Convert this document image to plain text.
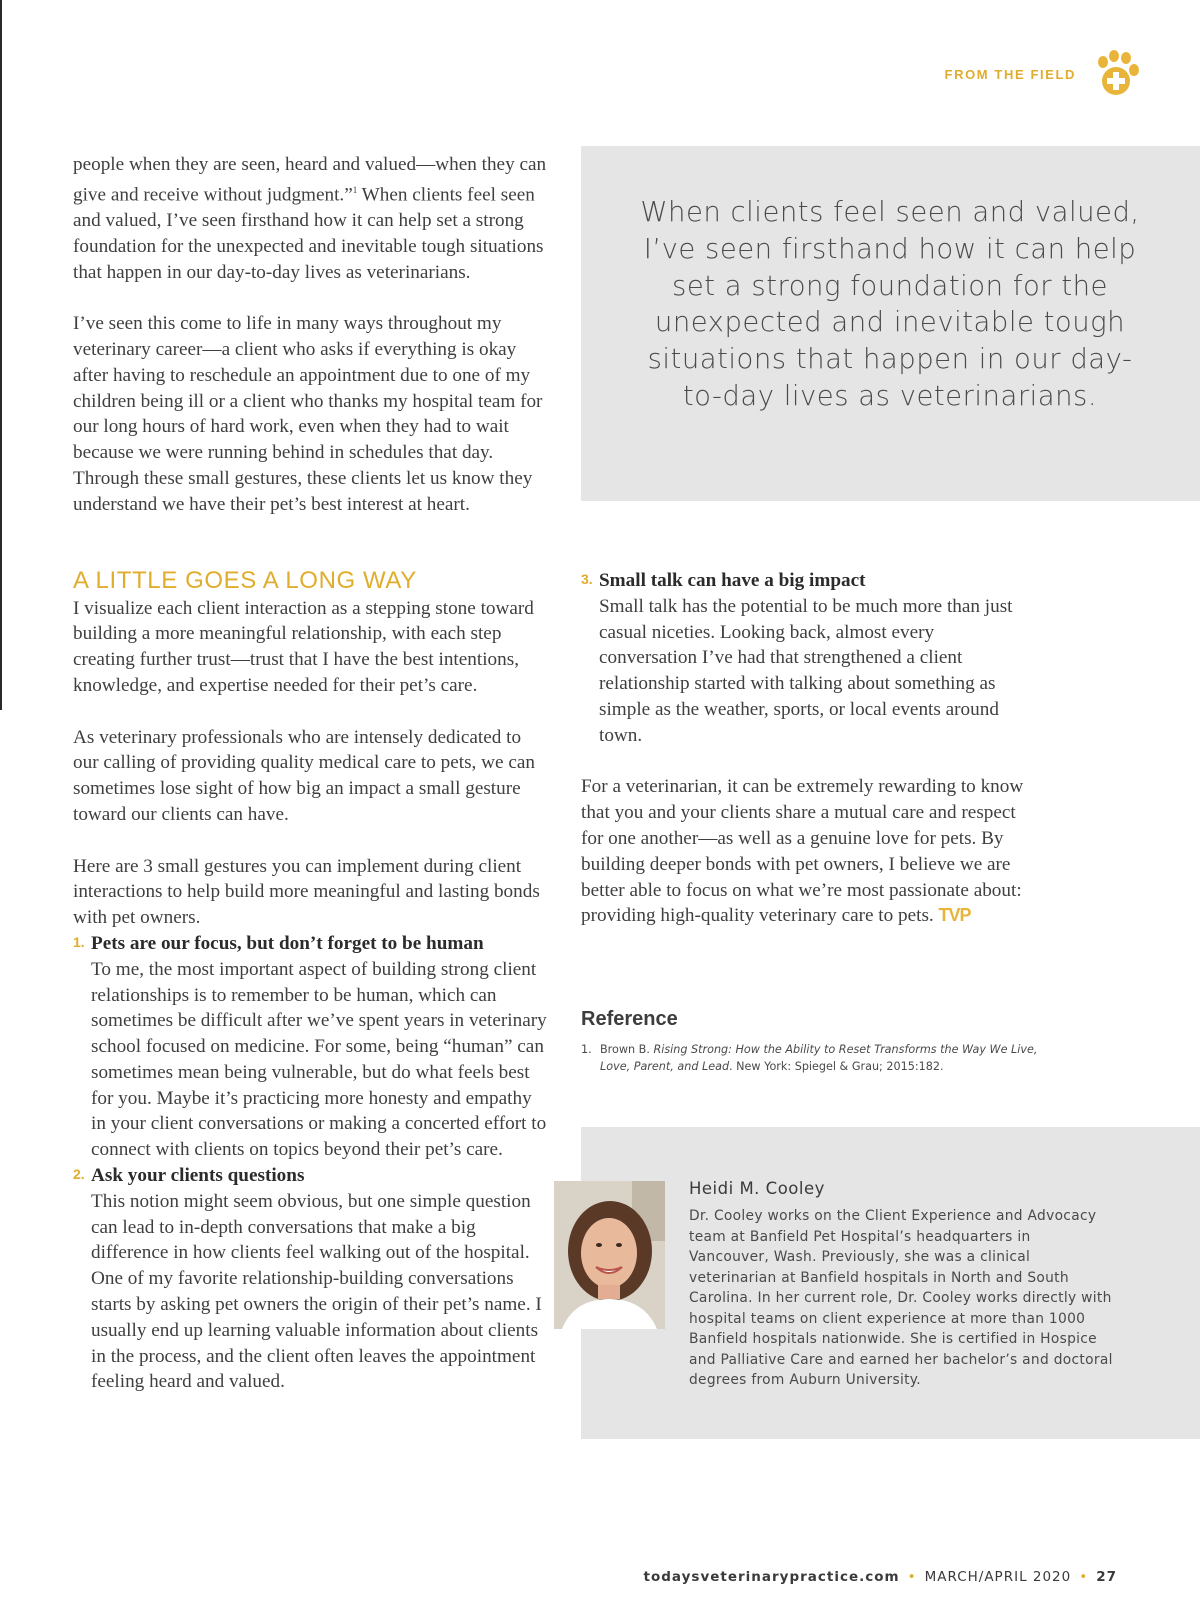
FROM THE FIELD

people when they are seen, heard and valued—when they can give and receive without judgment.”$^1$ When clients feel seen and valued, I’ve seen firsthand how it can help set a strong foundation for the unexpected and inevitable tough situations that happen in our day-to-day lives as veterinarians.

I’ve seen this come to life in many ways throughout my veterinary career—a client who asks if everything is okay after having to reschedule an appointment due to one of my children being ill or a client who thanks my hospital team for our long hours of hard work, even when they had to wait because we were running behind in schedules that day. Through these small gestures, these clients let us know they understand we have their pet’s best interest at heart.

A LITTLE GOES A LONG WAY

I visualize each client interaction as a stepping stone toward building a more meaningful relationship, with each step creating further trust—trust that I have the best intentions, knowledge, and expertise needed for their pet’s care.

As veterinary professionals who are intensely dedicated to our calling of providing quality medical care to pets, we can sometimes lose sight of how big an impact a small gesture toward our clients can have.

Here are 3 small gestures you can implement during client interactions to help build more meaningful and lasting bonds with pet owners.

1. Pets are our focus, but don’t forget to be human

To me, the most important aspect of building strong client relationships is to remember to be human, which can sometimes be difficult after we’ve spent years in veterinary school focused on medicine. For some, being “human” can sometimes mean being vulnerable, but do what feels best for you. Maybe it’s practicing more honesty and empathy in your client conversations or making a concerted effort to connect with clients on topics beyond their pet’s care.

2. Ask your clients questions

This notion might seem obvious, but one simple question can lead to in-depth conversations that make a big difference in how clients feel walking out of the hospital. One of my favorite relationship-building conversations starts by asking pet owners the origin of their pet’s name. I usually end up learning valuable information about clients in the process, and the client often leaves the appointment feeling heard and valued.

When clients feel seen and valued, I’ve seen firsthand how it can help set a strong foundation for the unexpected and inevitable tough situations that happen in our day-to-day lives as veterinarians.
3. Small talk can have a big impact

Small talk has the potential to be much more than just casual niceties. Looking back, almost every conversation I’ve had that strengthened a client relationship started with talking about something as simple as the weather, sports, or local events around town.

For a veterinarian, it can be extremely rewarding to know that you and your clients share a mutual care and respect for one another—as well as a genuine love for pets. By building deeper bonds with pet owners, I believe we are better able to focus on what we’re most passionate about: providing high-quality veterinary care to pets. TVP

Reference
1. Brown B. Rising Strong: How the Ability to Reset Transforms the Way We Live, Love, Parent, and Lead. New York: Spiegel & Grau; 2015:182.
Heidi M. Cooley

Dr. Cooley works on the Client Experience and Advocacy team at Banfield Pet Hospital’s headquarters in Vancouver, Wash. Previously, she was a clinical veterinarian at Banfield hospitals in North and South Carolina. In her current role, Dr. Cooley works directly with hospital teams on client experience at more than 1000 Banfield hospitals nationwide. She is certified in Hospice and Palliative Care and earned her bachelor’s and doctoral degrees from Auburn University.

todaysveterinarypractice.com • MARCH/APRIL 2020 • 27
